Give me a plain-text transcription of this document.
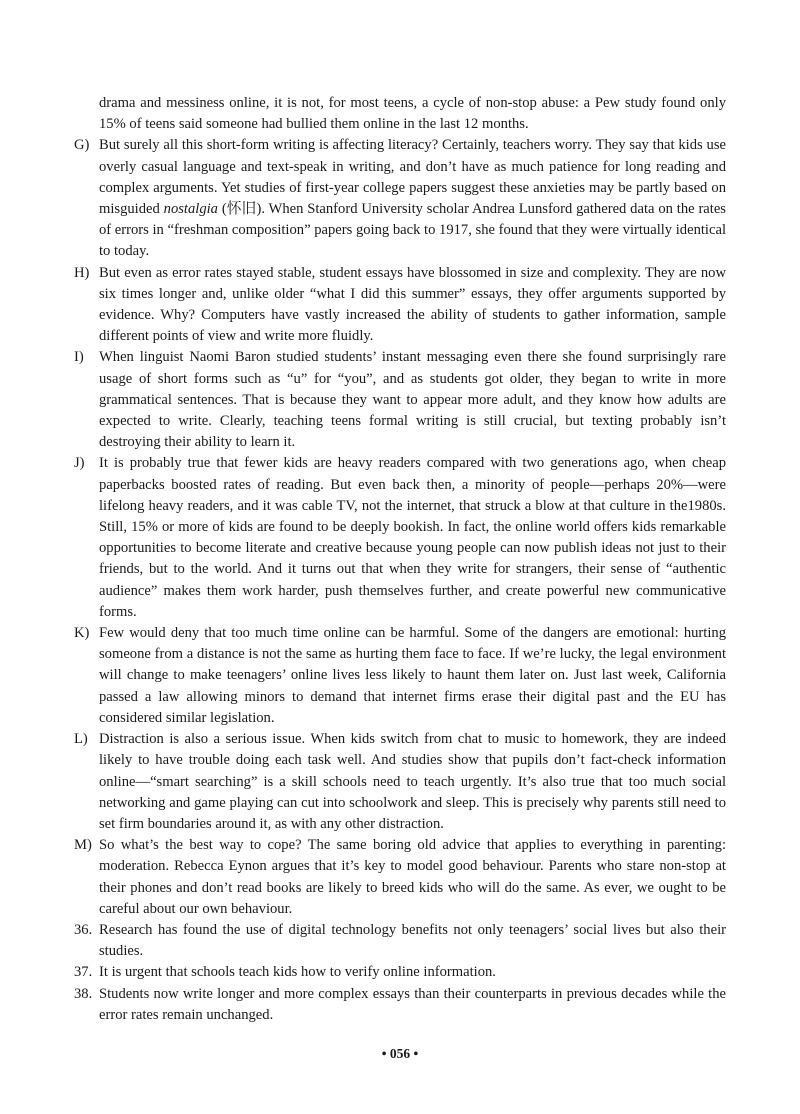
drama and messiness online, it is not, for most teens, a cycle of non-stop abuse: a Pew study found only 15% of teens said someone had bullied them online in the last 12 months.

G) But surely all this short-form writing is affecting literacy? Certainly, teachers worry. They say that kids use overly casual language and text-speak in writing, and don’t have as much patience for long reading and complex arguments. Yet studies of first-year college papers suggest these anxieties may be partly based on misguided nostalgia (怀旧). When Stanford University scholar Andrea Lunsford gathered data on the rates of errors in “freshman composition” papers going back to 1917, she found that they were virtually identical to today.

H) But even as error rates stayed stable, student essays have blossomed in size and complexity. They are now six times longer and, unlike older “what I did this summer” essays, they offer arguments supported by evidence. Why? Computers have vastly increased the ability of students to gather information, sample different points of view and write more fluidly.

I) When linguist Naomi Baron studied students’ instant messaging even there she found surprisingly rare usage of short forms such as “u” for “you”, and as students got older, they began to write in more grammatical sentences. That is because they want to appear more adult, and they know how adults are expected to write. Clearly, teaching teens formal writing is still crucial, but texting probably isn’t destroying their ability to learn it.

J) It is probably true that fewer kids are heavy readers compared with two generations ago, when cheap paperbacks boosted rates of reading. But even back then, a minority of people—perhaps 20%—were lifelong heavy readers, and it was cable TV, not the internet, that struck a blow at that culture in the1980s. Still, 15% or more of kids are found to be deeply bookish. In fact, the online world offers kids remarkable opportunities to become literate and creative because young people can now publish ideas not just to their friends, but to the world. And it turns out that when they write for strangers, their sense of “authentic audience” makes them work harder, push themselves further, and create powerful new communicative forms.

K) Few would deny that too much time online can be harmful. Some of the dangers are emotional: hurting someone from a distance is not the same as hurting them face to face. If we’re lucky, the legal environment will change to make teenagers’ online lives less likely to haunt them later on. Just last week, California passed a law allowing minors to demand that internet firms erase their digital past and the EU has considered similar legislation.

L) Distraction is also a serious issue. When kids switch from chat to music to homework, they are indeed likely to have trouble doing each task well. And studies show that pupils don’t fact-check information online—“smart searching” is a skill schools need to teach urgently. It’s also true that too much social networking and game playing can cut into schoolwork and sleep. This is precisely why parents still need to set firm boundaries around it, as with any other distraction.

M) So what’s the best way to cope? The same boring old advice that applies to everything in parenting: moderation. Rebecca Eynon argues that it’s key to model good behaviour. Parents who stare non-stop at their phones and don’t read books are likely to breed kids who will do the same. As ever, we ought to be careful about our own behaviour.

36. Research has found the use of digital technology benefits not only teenagers’ social lives but also their studies.

37. It is urgent that schools teach kids how to verify online information.

38. Students now write longer and more complex essays than their counterparts in previous decades while the error rates remain unchanged.

• 056 •
